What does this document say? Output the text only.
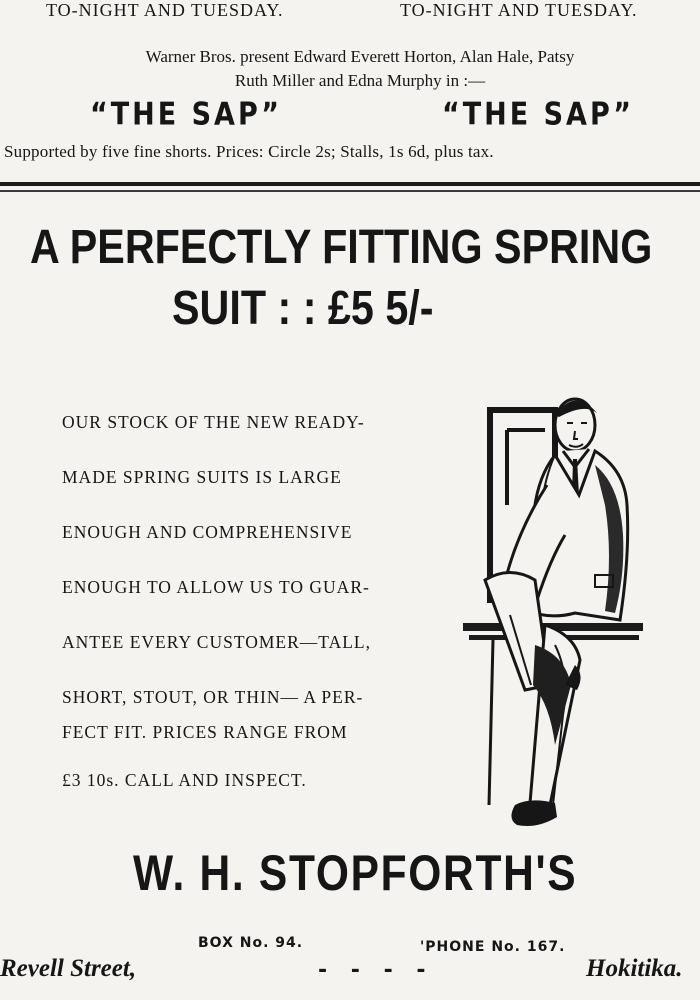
TO-NIGHT AND TUESDAY.	TO-NIGHT AND TUESDAY.
Warner Bros. present Edward Everett Horton, Alan Hale, Patsy
Ruth Miller and Edna Murphy in :—
“THE SAP”	“THE SAP”
Supported by five fine shorts. Prices: Circle 2s; Stalls, 1s 6d, plus tax.
A PERFECTLY FITTING SPRING
SUIT : : £5 5/-
OUR STOCK OF THE NEW READY-
MADE SPRING SUITS IS LARGE
ENOUGH AND COMPREHENSIVE
ENOUGH TO ALLOW US TO GUAR-
ANTEE EVERY CUSTOMER—TALL,
SHORT, STOUT, OR THIN— A PER-
FECT FIT. PRICES RANGE FROM
£3 10s. CALL AND INSPECT.
W. H. STOPFORTH'S
BOX No. 94.	'PHONE No. 167.
Revell Street,	- - - -	Hokitika.
